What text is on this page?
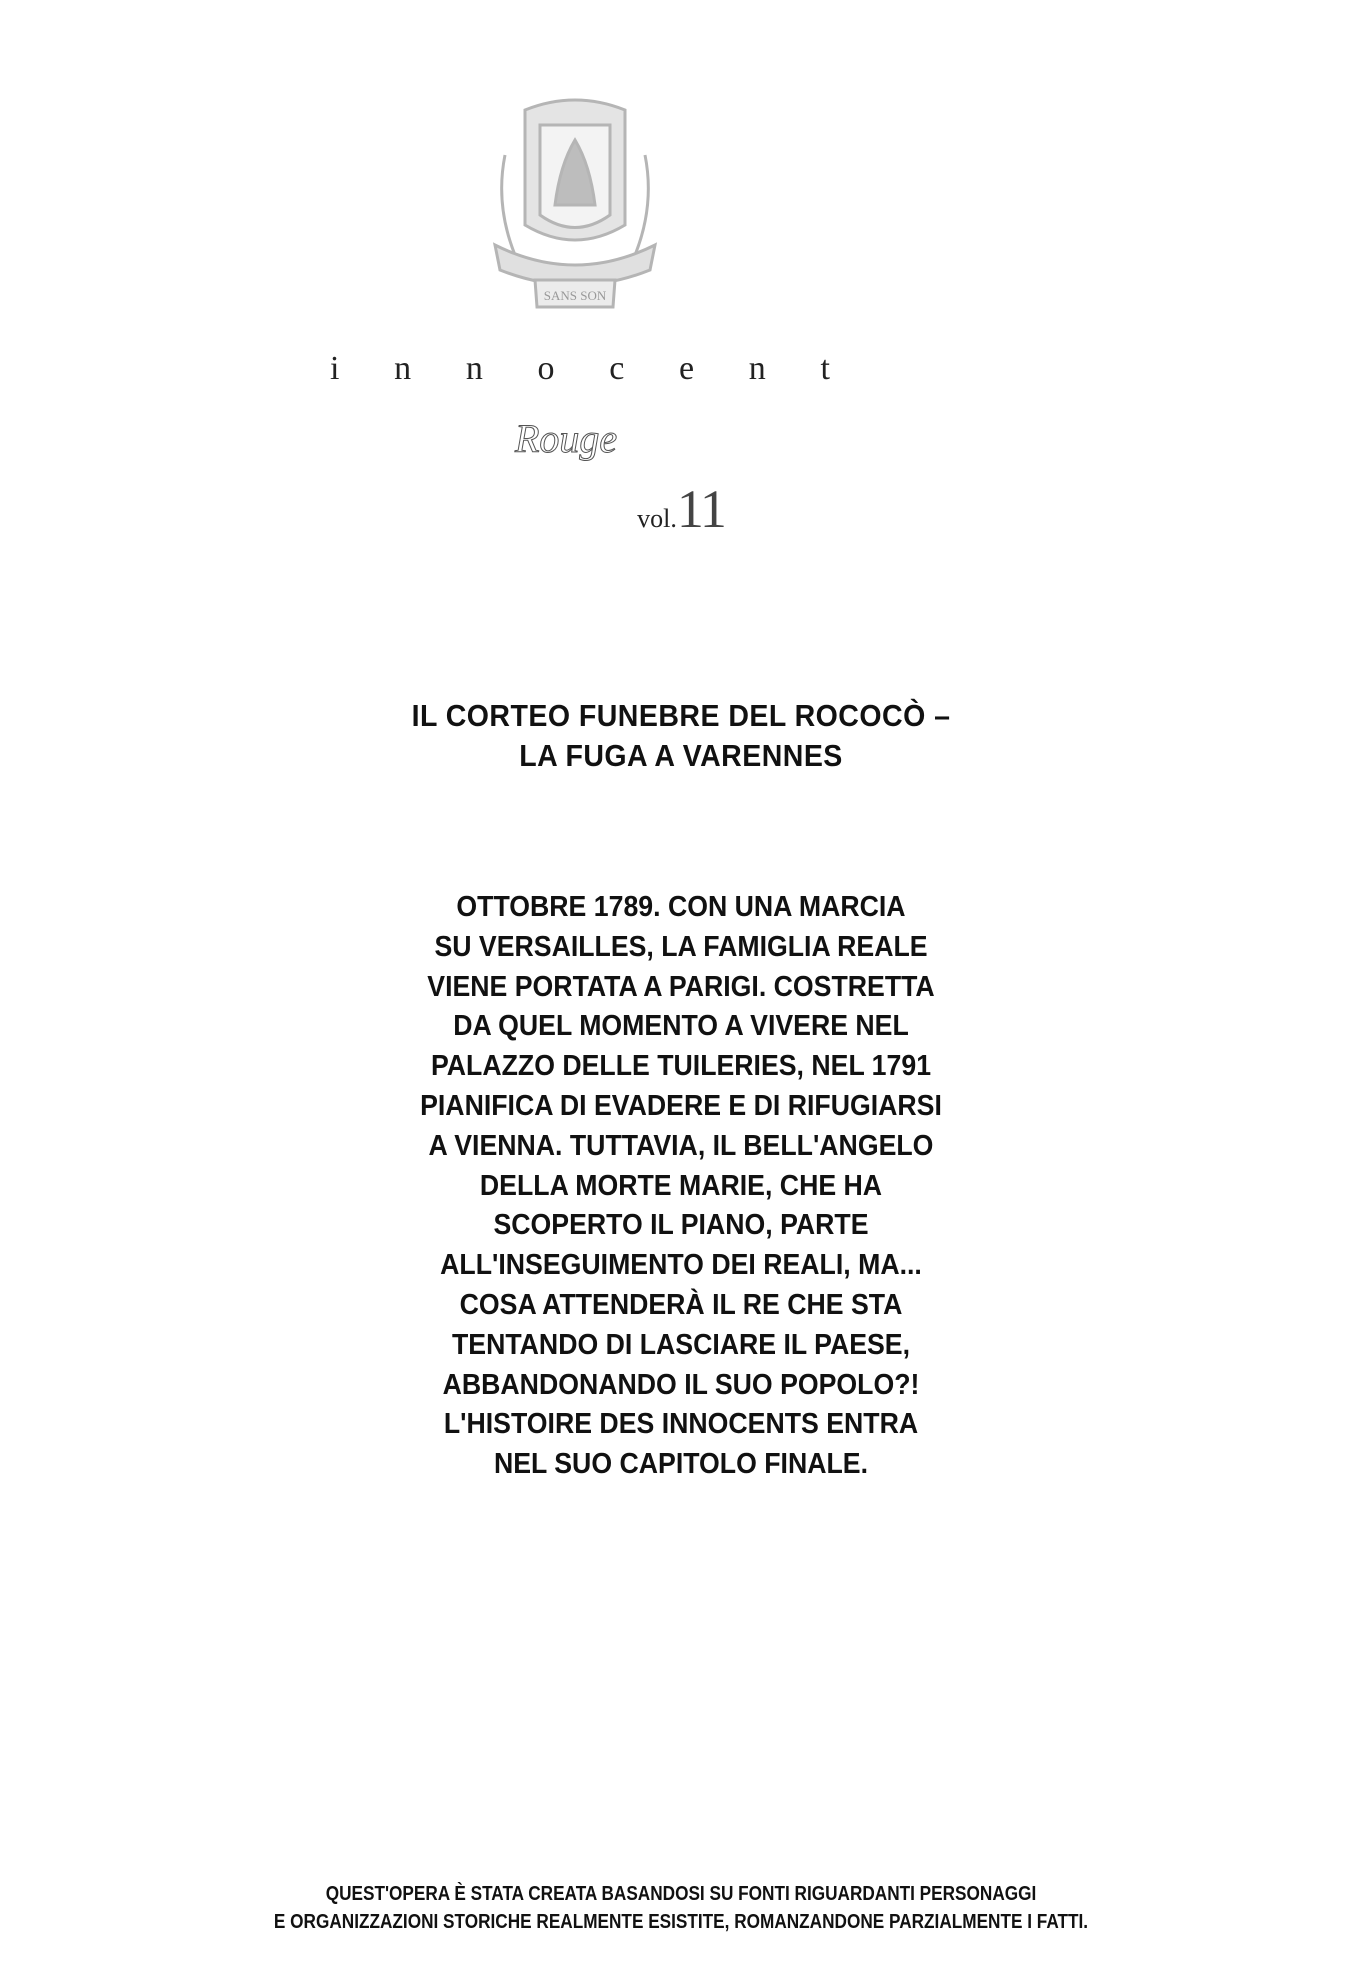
SANS SON
i n n o c e n t
Rouge
vol.11
IL CORTEO FUNEBRE DEL ROCOCÒ –
LA FUGA A VARENNES
OTTOBRE 1789. CON UNA MARCIA
SU VERSAILLES, LA FAMIGLIA REALE
VIENE PORTATA A PARIGI. COSTRETTA
DA QUEL MOMENTO A VIVERE NEL
PALAZZO DELLE TUILERIES, NEL 1791
PIANIFICA DI EVADERE E DI RIFUGIARSI
A VIENNA. TUTTAVIA, IL BELL'ANGELO
DELLA MORTE MARIE, CHE HA
SCOPERTO IL PIANO, PARTE
ALL'INSEGUIMENTO DEI REALI, MA...
COSA ATTENDERÀ IL RE CHE STA
TENTANDO DI LASCIARE IL PAESE,
ABBANDONANDO IL SUO POPOLO?!
L'HISTOIRE DES INNOCENTS ENTRA
NEL SUO CAPITOLO FINALE.
QUEST'OPERA È STATA CREATA BASANDOSI SU FONTI RIGUARDANTI PERSONAGGI
E ORGANIZZAZIONI STORICHE REALMENTE ESISTITE, ROMANZANDONE PARZIALMENTE I FATTI.
